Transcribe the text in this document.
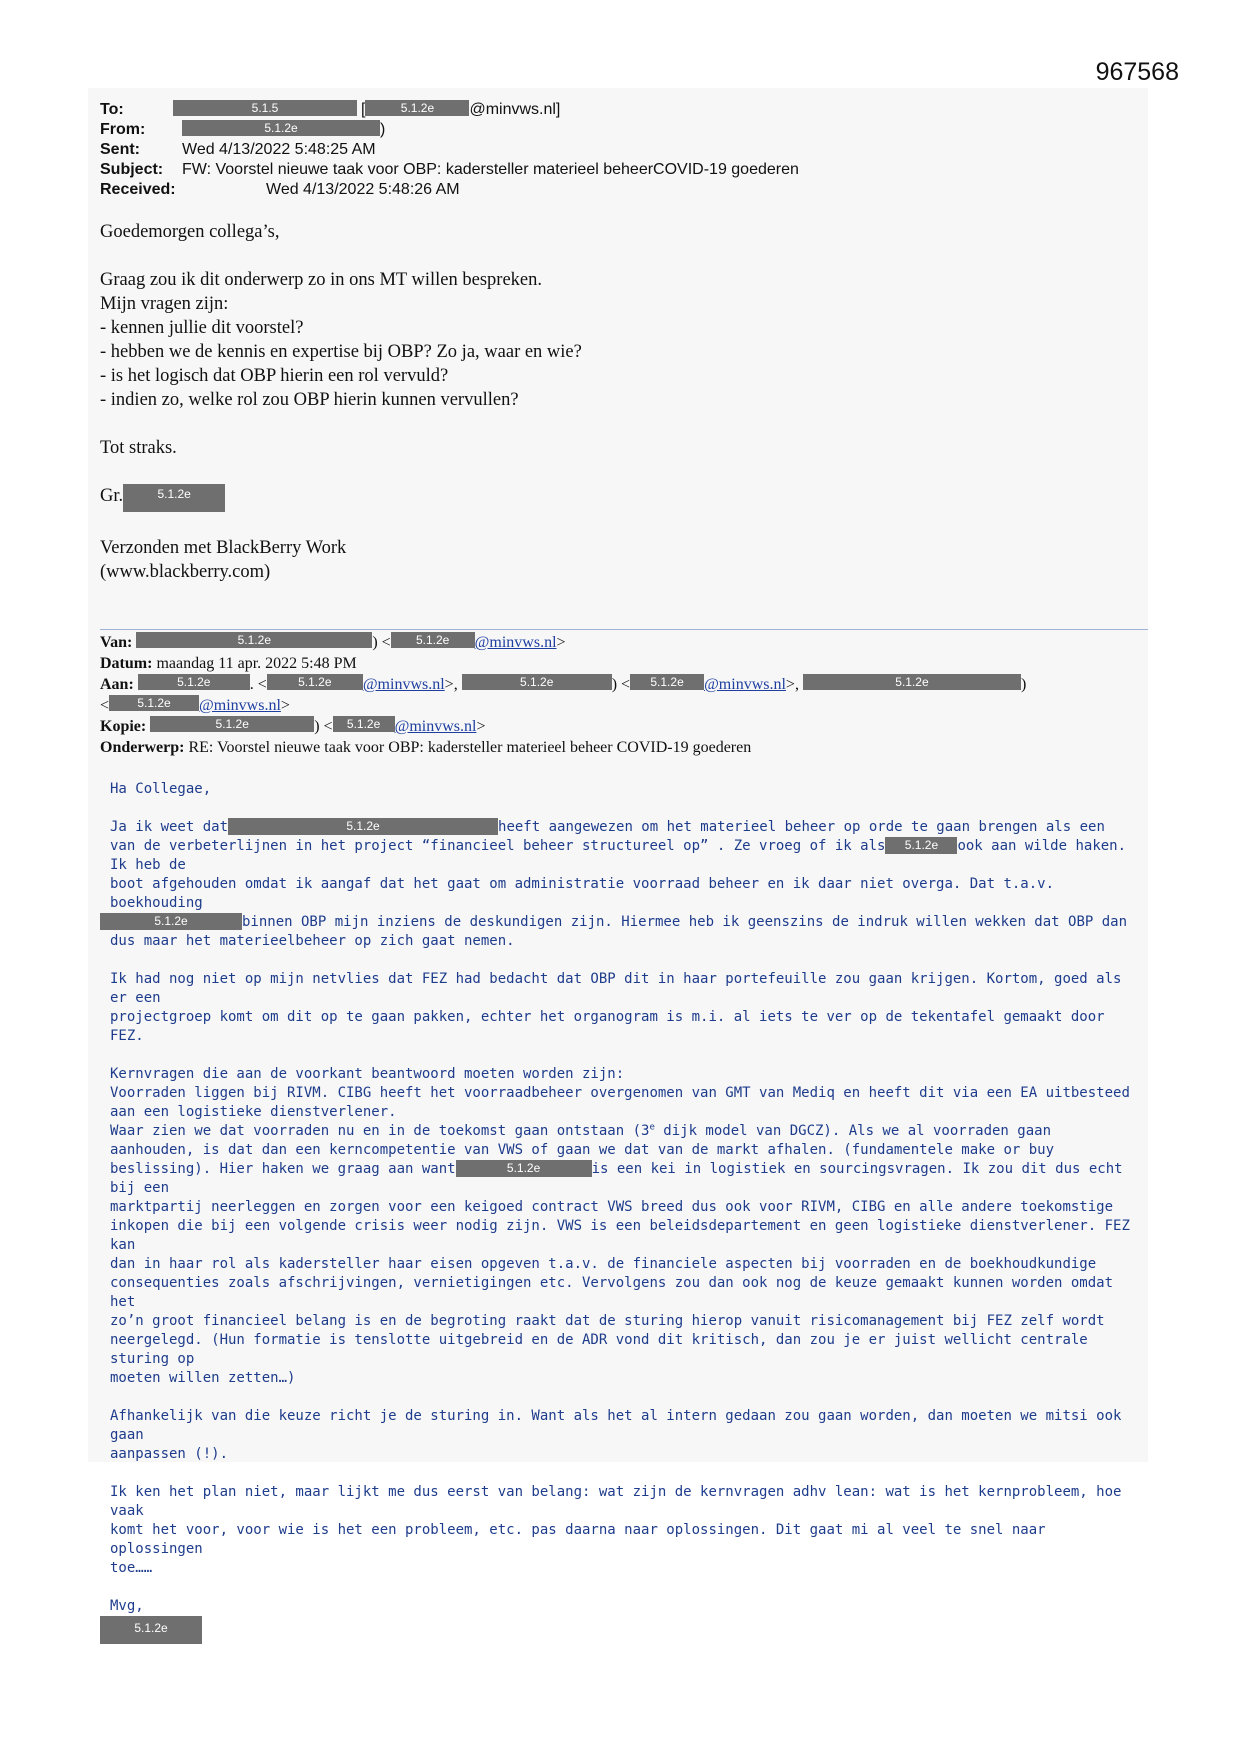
967568
To:	5.1.5	[	5.1.2e @minvws.nl]
From:	5.1.2e	)
Sent:	Wed 4/13/2022 5:48:25 AM
Subject: FW: Voorstel nieuwe taak voor OBP: kadersteller materieel beheerCOVID-19 goederen
Received:	Wed 4/13/2022 5:48:26 AM

Goedemorgen collega’s,

Graag zou ik dit onderwerp zo in ons MT willen bespreken.

Mijn vragen zijn:

- kennen jullie dit voorstel?

- hebben we de kennis en expertise bij OBP? Zo ja, waar en wie?

- is het logisch dat OBP hierin een rol vervuld?

- indien zo, welke rol zou OBP hierin kunnen vervullen?

Tot straks.

Gr.	5.1.2e

Verzonden met BlackBerry Work

(www.blackberry.com)

Van:	5.1.2e	) < 5.1.2e @minvws.nl>
Datum: maandag 11 apr. 2022 5:48 PM
Aan:	5.1.2e . <	5.1.2e @minvws.nl>,	5.1.2e	) < 5.1.2e @minvws.nl>,	5.1.2e	)
< 5.1.2e @minvws.nl>
Kopie:	5.1.2e	) < 5.1.2e @minvws.nl>
Onderwerp: RE: Voorstel nieuwe taak voor OBP: kadersteller materieel beheer COVID-19 goederen

Ha Collegae,

Ja ik weet dat	5.1.2e	heeft aangewezen om het materieel beheer op orde te gaan brengen als een

van de verbeterlijnen in het project “financieel beheer structureel op” . Ze vroeg of ik als 5.1.2e ook aan wilde haken. Ik heb de

boot afgehouden omdat ik aangaf dat het gaat om administratie voorraad beheer en ik daar niet overga. Dat t.a.v. boekhouding

5.1.2e	binnen OBP mijn inziens de deskundigen zijn. Hiermee heb ik geenszins de indruk willen wekken dat OBP dan

dus maar het materieelbeheer op zich gaat nemen.

Ik had nog niet op mijn netvlies dat FEZ had bedacht dat OBP dit in haar portefeuille zou gaan krijgen. Kortom, goed als er een

projectgroep komt om dit op te gaan pakken, echter het organogram is m.i. al iets te ver op de tekentafel gemaakt door FEZ.

Kernvragen die aan de voorkant beantwoord moeten worden zijn:

Voorraden liggen bij RIVM. CIBG heeft het voorraadbeheer overgenomen van GMT van Mediq en heeft dit via een EA uitbesteed

aan een logistieke dienstverlener.

Waar zien we dat voorraden nu en in de toekomst gaan ontstaan (3e dijk model van DGCZ). Als we al voorraden gaan

aanhouden, is dat dan een kerncompetentie van VWS of gaan we dat van de markt afhalen. (fundamentele make or buy

beslissing). Hier haken we graag aan want	5.1.2e	is een kei in logistiek en sourcingsvragen. Ik zou dit dus echt bij een

marktpartij neerleggen en zorgen voor een keigoed contract VWS breed dus ook voor RIVM, CIBG en alle andere toekomstige

inkopen die bij een volgende crisis weer nodig zijn. VWS is een beleidsdepartement en geen logistieke dienstverlener. FEZ kan

dan in haar rol als kadersteller haar eisen opgeven t.a.v. de financiele aspecten bij voorraden en de boekhoudkundige

consequenties zoals afschrijvingen, vernietigingen etc. Vervolgens zou dan ook nog de keuze gemaakt kunnen worden omdat het

zo’n groot financieel belang is en de begroting raakt dat de sturing hierop vanuit risicomanagement bij FEZ zelf wordt

neergelegd. (Hun formatie is tenslotte uitgebreid en de ADR vond dit kritisch, dan zou je er juist wellicht centrale sturing op

moeten willen zetten…)

Afhankelijk van die keuze richt je de sturing in. Want als het al intern gedaan zou gaan worden, dan moeten we mitsi ook gaan

aanpassen (!).

Ik ken het plan niet, maar lijkt me dus eerst van belang: wat zijn de kernvragen adhv lean: wat is het kernprobleem, hoe vaak

komt het voor, voor wie is het een probleem, etc. pas daarna naar oplossingen. Dit gaat mi al veel te snel naar oplossingen

toe……

Mvg,

5.1.2e
